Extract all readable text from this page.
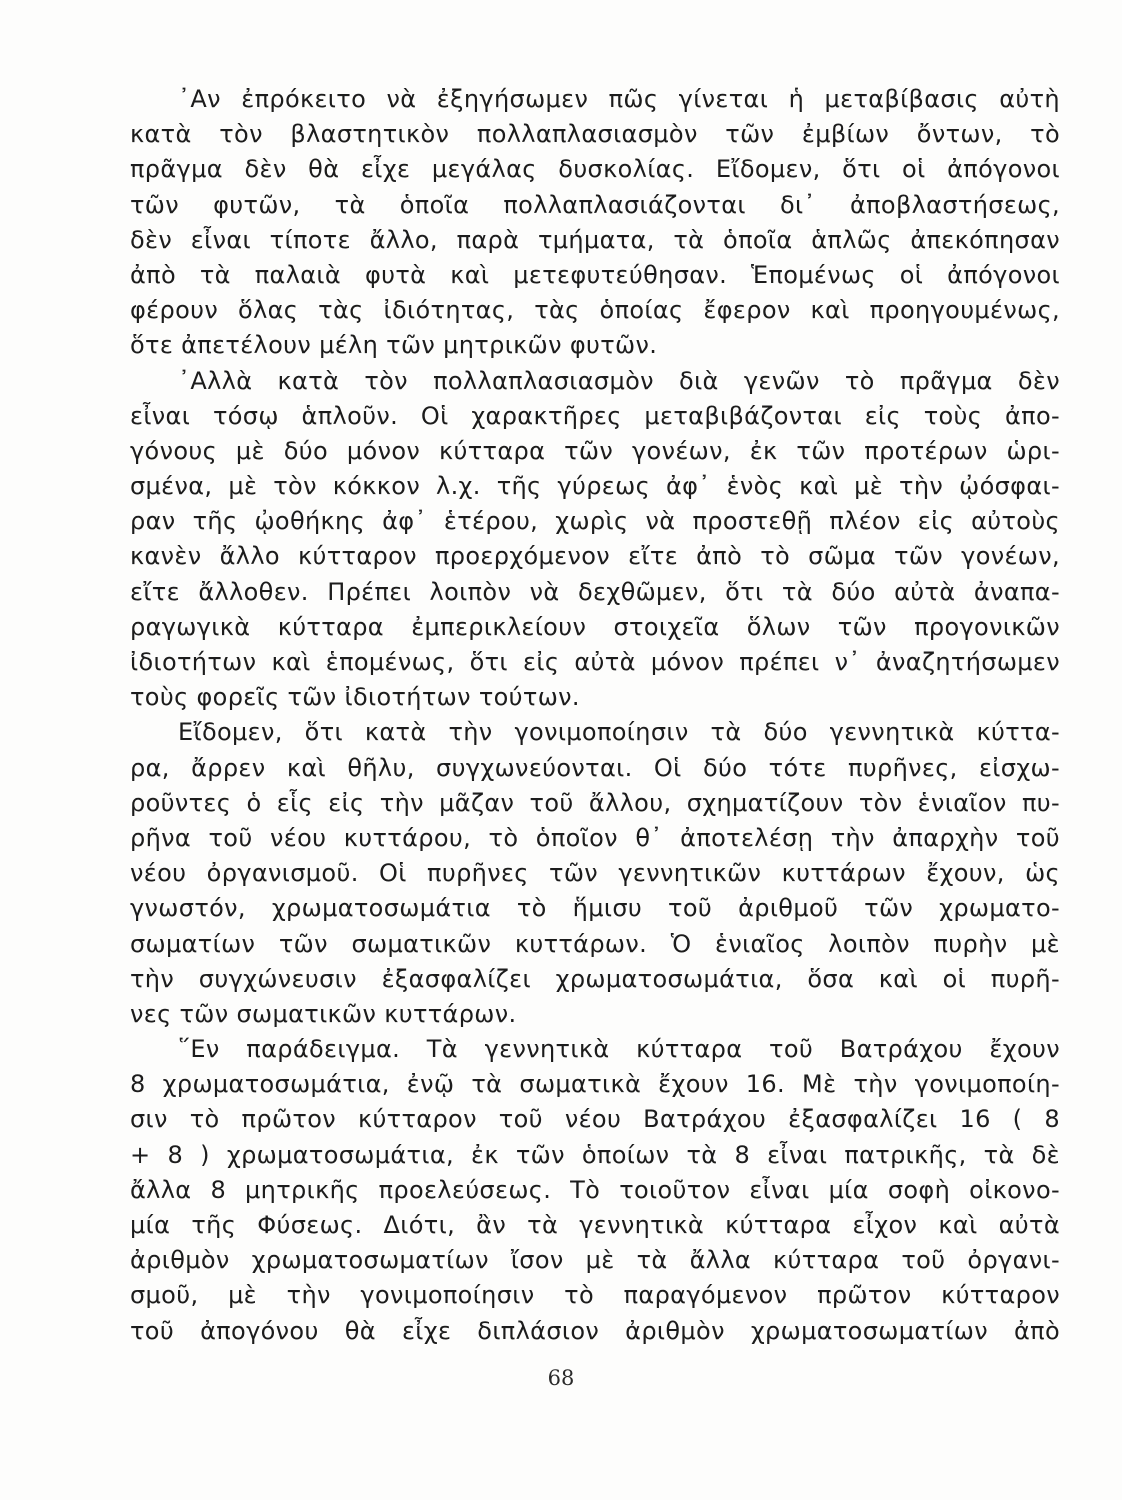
᾽Αν ἐπρόκειτο νὰ ἐξηγήσωμεν πῶς γίνεται ἡ μεταβίβασις αὐτὴ
κατὰ τὸν βλαστητικὸν πολλαπλασιασμὸν τῶν ἐμβίων ὄντων, τὸ
πρᾶγμα δὲν θὰ εἶχε μεγάλας δυσκολίας. Εἴδομεν, ὅτι οἱ ἀπόγονοι
τῶν φυτῶν, τὰ ὁποῖα πολλαπλασιάζονται δι᾽ ἀποβλαστήσεως,
δὲν εἶναι τίποτε ἄλλο, παρὰ τμήματα, τὰ ὁποῖα ἁπλῶς ἀπεκόπησαν
ἀπὸ τὰ παλαιὰ φυτὰ καὶ μετεφυτεύθησαν. Ἑπομένως οἱ ἀπόγονοι
φέρουν ὅλας τὰς ἰδιότητας, τὰς ὁποίας ἔφερον καὶ προηγουμένως,
ὅτε ἀπετέλουν μέλη τῶν μητρικῶν φυτῶν.
᾽Αλλὰ κατὰ τὸν πολλαπλασιασμὸν διὰ γενῶν τὸ πρᾶγμα δὲν
εἶναι τόσῳ ἁπλοῦν. Οἱ χαρακτῆρες μεταβιβάζονται εἰς τοὺς ἀπο-
γόνους μὲ δύο μόνον κύτταρα τῶν γονέων, ἐκ τῶν προτέρων ὡρι-
σμένα, μὲ τὸν κόκκον λ.χ. τῆς γύρεως ἀφ᾽ ἑνὸς καὶ μὲ τὴν ᾠόσφαι-
ραν τῆς ᾠοθήκης ἀφ᾽ ἑτέρου, χωρὶς νὰ προστεθῇ πλέον εἰς αὐτοὺς
κανὲν ἄλλο κύτταρον προερχόμενον εἴτε ἀπὸ τὸ σῶμα τῶν γονέων,
εἴτε ἄλλοθεν. Πρέπει λοιπὸν νὰ δεχθῶμεν, ὅτι τὰ δύο αὐτὰ ἀναπα-
ραγωγικὰ κύτταρα ἐμπερικλείουν στοιχεῖα ὅλων τῶν προγονικῶν
ἰδιοτήτων καὶ ἑπομένως, ὅτι εἰς αὐτὰ μόνον πρέπει ν᾽ ἀναζητήσωμεν
τοὺς φορεῖς τῶν ἰδιοτήτων τούτων.
Εἴδομεν, ὅτι κατὰ τὴν γονιμοποίησιν τὰ δύο γεννητικὰ κύττα-
ρα, ἄρρεν καὶ θῆλυ, συγχωνεύονται. Οἱ δύο τότε πυρῆνες, εἰσχω-
ροῦντες ὁ εἷς εἰς τὴν μᾶζαν τοῦ ἄλλου, σχηματίζουν τὸν ἑνιαῖον πυ-
ρῆνα τοῦ νέου κυττάρου, τὸ ὁποῖον θ᾽ ἀποτελέσῃ τὴν ἀπαρχὴν τοῦ
νέου ὀργανισμοῦ. Οἱ πυρῆνες τῶν γεννητικῶν κυττάρων ἔχουν, ὡς
γνωστόν, χρωματοσωμάτια τὸ ἥμισυ τοῦ ἀριθμοῦ τῶν χρωματο-
σωματίων τῶν σωματικῶν κυττάρων. Ὁ ἑνιαῖος λοιπὸν πυρὴν μὲ
τὴν συγχώνευσιν ἐξασφαλίζει χρωματοσωμάτια, ὅσα καὶ οἱ πυρῆ-
νες τῶν σωματικῶν κυττάρων.
῞Εν παράδειγμα. Τὰ γεννητικὰ κύτταρα τοῦ Βατράχου ἔχουν
8 χρωματοσωμάτια, ἐνῷ τὰ σωματικὰ ἔχουν 16. Μὲ τὴν γονιμοποίη-
σιν τὸ πρῶτον κύτταρον τοῦ νέου Βατράχου ἐξασφαλίζει 16 ( 8
+ 8 ) χρωματοσωμάτια, ἐκ τῶν ὁποίων τὰ 8 εἶναι πατρικῆς, τὰ δὲ
ἄλλα 8 μητρικῆς προελεύσεως. Τὸ τοιοῦτον εἶναι μία σοφὴ οἰκονο-
μία τῆς Φύσεως. Διότι, ἂν τὰ γεννητικὰ κύτταρα εἶχον καὶ αὐτὰ
ἀριθμὸν χρωματοσωματίων ἴσον μὲ τὰ ἄλλα κύτταρα τοῦ ὀργανι-
σμοῦ, μὲ τὴν γονιμοποίησιν τὸ παραγόμενον πρῶτον κύτταρον
τοῦ ἀπογόνου θὰ εἶχε διπλάσιον ἀριθμὸν χρωματοσωματίων ἀπὸ
68
